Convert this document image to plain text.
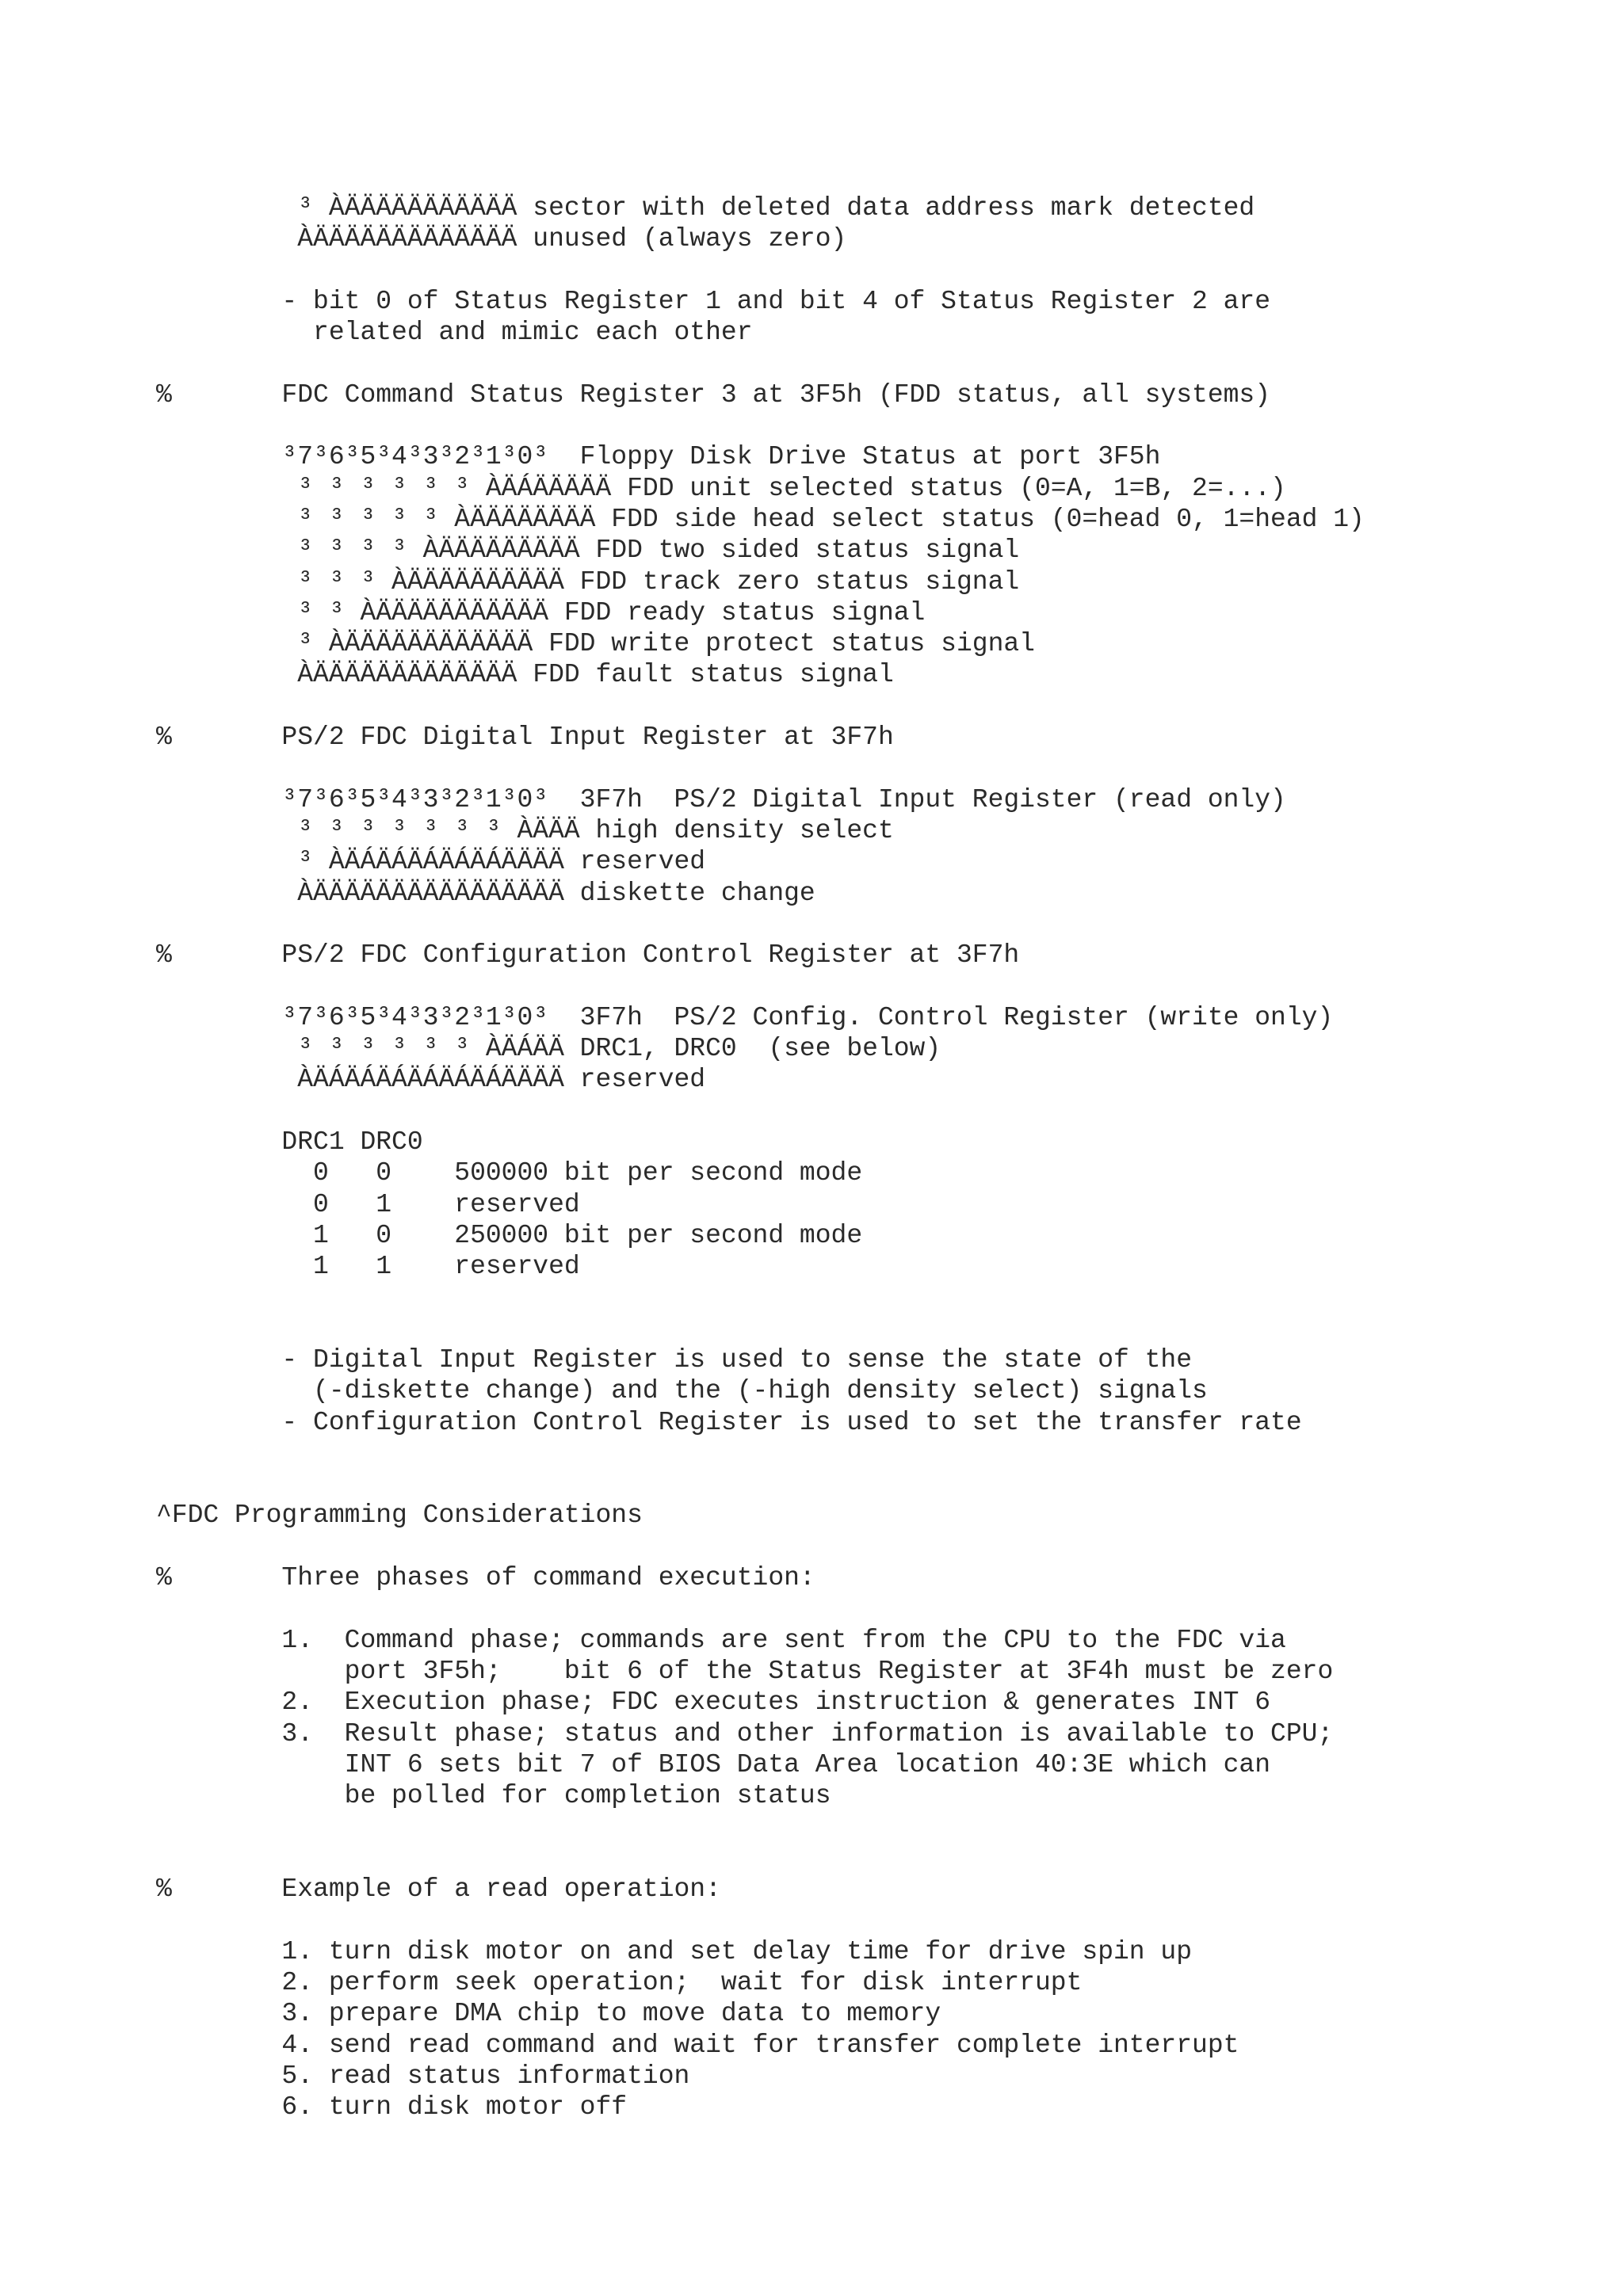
³ ÀÄÄÄÄÄÄÄÄÄÄÄ sector with deleted data address mark detected
ÀÄÄÄÄÄÄÄÄÄÄÄÄÄ unused (always zero)
- bit 0 of Status Register 1 and bit 4 of Status Register 2 are
related and mimic each other
%       FDC Command Status Register 3 at 3F5h (FDD status, all systems)
³7³6³5³4³3³2³1³0³  Floppy Disk Drive Status at port 3F5h
³ ³ ³ ³ ³ ³ ÀÄÁÄÄÄÄÄ FDD unit selected status (0=A, 1=B, 2=...)
³ ³ ³ ³ ³ ÀÄÄÄÄÄÄÄÄ FDD side head select status (0=head 0, 1=head 1)
³ ³ ³ ³ ÀÄÄÄÄÄÄÄÄÄ FDD two sided status signal
³ ³ ³ ÀÄÄÄÄÄÄÄÄÄÄ FDD track zero status signal
³ ³ ÀÄÄÄÄÄÄÄÄÄÄÄ FDD ready status signal
³ ÀÄÄÄÄÄÄÄÄÄÄÄÄ FDD write protect status signal
ÀÄÄÄÄÄÄÄÄÄÄÄÄÄ FDD fault status signal
%       PS/2 FDC Digital Input Register at 3F7h
³7³6³5³4³3³2³1³0³  3F7h  PS/2 Digital Input Register (read only)
³ ³ ³ ³ ³ ³ ³ ÀÄÄÄ high density select
³ ÀÄÁÄÁÄÁÄÁÄÁÄÄÄÄ reserved
ÀÄÄÄÄÄÄÄÄÄÄÄÄÄÄÄÄ diskette change
%       PS/2 FDC Configuration Control Register at 3F7h
³7³6³5³4³3³2³1³0³  3F7h  PS/2 Config. Control Register (write only)
³ ³ ³ ³ ³ ³ ÀÄÁÄÄ DRC1, DRC0  (see below)
ÀÄÁÄÁÄÁÄÁÄÁÄÁÄÄÄÄ reserved
DRC1 DRC0
0   0    500000 bit per second mode
0   1    reserved
1   0    250000 bit per second mode
1   1    reserved
- Digital Input Register is used to sense the state of the
(-diskette change) and the (-high density select) signals
- Configuration Control Register is used to set the transfer rate
^FDC Programming Considerations
%       Three phases of command execution:
1.  Command phase; commands are sent from the CPU to the FDC via
port 3F5h;    bit 6 of the Status Register at 3F4h must be zero
2.  Execution phase; FDC executes instruction & generates INT 6
3.  Result phase; status and other information is available to CPU;
INT 6 sets bit 7 of BIOS Data Area location 40:3E which can
be polled for completion status
%       Example of a read operation:
1. turn disk motor on and set delay time for drive spin up
2. perform seek operation;  wait for disk interrupt
3. prepare DMA chip to move data to memory
4. send read command and wait for transfer complete interrupt
5. read status information
6. turn disk motor off
